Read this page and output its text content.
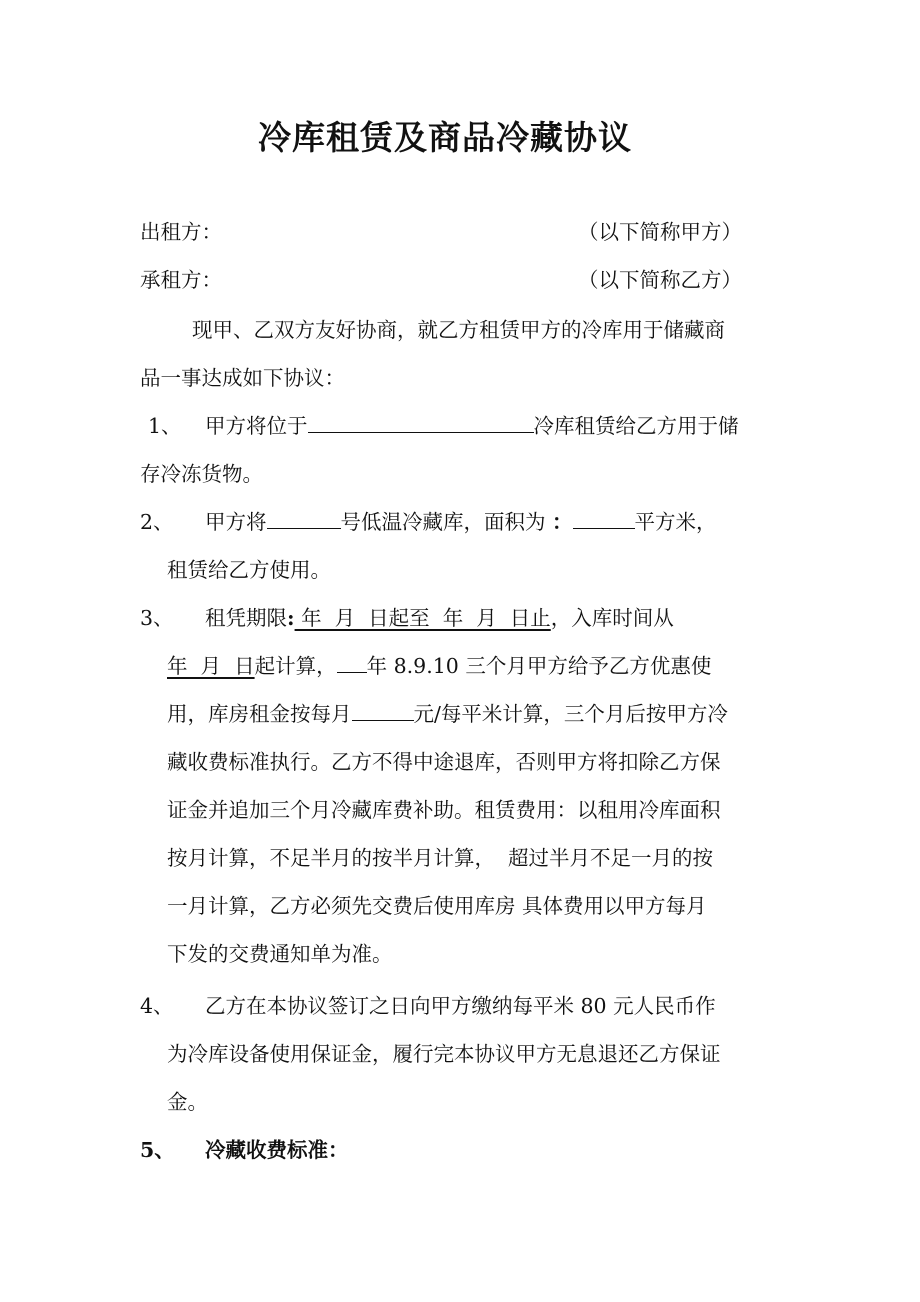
冷库租赁及商品冷藏协议
出租方：	（以下简称甲方）
承租方：	（以下简称乙方）
现甲、乙双方友好协商，就乙方租赁甲方的冷库用于储藏商
品一事达成如下协议：
1、 甲方将位于	冷库租赁给乙方用于储
存冷冻货物。
2、 甲方将	号低温冷藏库，面积为 ：	平方米，
租赁给乙方使用。
3、 租凭期限: 年  月  日起至  年  月  日止，入库时间从
年  月  日起计算， 年 8.9.10 三个月甲方给予乙方优惠使
用，库房租金按每月	元/每平米计算，三个月后按甲方冷
藏收费标准执行。乙方不得中途退库，否则甲方将扣除乙方保
证金并追加三个月冷藏库费补助。租赁费用：以租用冷库面积
按月计算，不足半月的按半月计算，  超过半月不足一月的按
一月计算，乙方必须先交费后使用库房 具体费用以甲方每月
下发的交费通知单为准。
4、 乙方在本协议签订之日向甲方缴纳每平米 80 元人民币作
为冷库设备使用保证金，履行完本协议甲方无息退还乙方保证
金。
5、 冷藏收费标准：
